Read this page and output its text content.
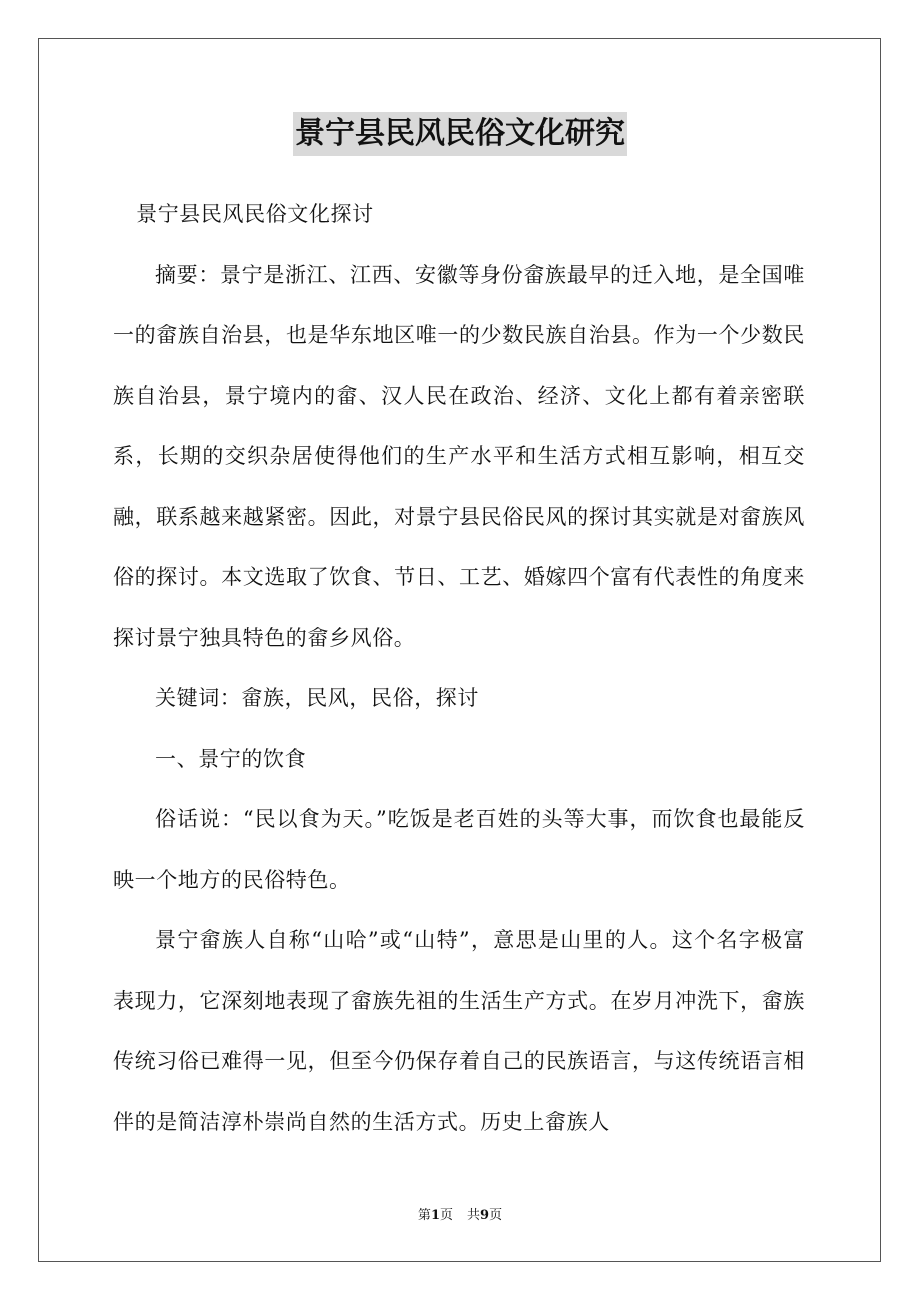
景宁县民风民俗文化研究

景宁县民风民俗文化探讨

摘要：景宁是浙江、江西、安徽等身份畲族最早的迁入地，是全国唯一的畲族自治县，也是华东地区唯一的少数民族自治县。作为一个少数民族自治县，景宁境内的畲、汉人民在政治、经济、文化上都有着亲密联系，长期的交织杂居使得他们的生产水平和生活方式相互影响，相互交融，联系越来越紧密。因此，对景宁县民俗民风的探讨其实就是对畲族风俗的探讨。本文选取了饮食、节日、工艺、婚嫁四个富有代表性的角度来探讨景宁独具特色的畲乡风俗。

关键词：畲族，民风，民俗，探讨

一、景宁的饮食

俗话说：“民以食为天。”吃饭是老百姓的头等大事，而饮食也最能反映一个地方的民俗特色。

景宁畲族人自称“山哈”或“山特”，意思是山里的人。这个名字极富表现力，它深刻地表现了畲族先祖的生活生产方式。在岁月冲洗下，畲族传统习俗已难得一见，但至今仍保存着自己的民族语言，与这传统语言相伴的是简洁淳朴崇尚自然的生活方式。历史上畲族人

第1页 共9页
